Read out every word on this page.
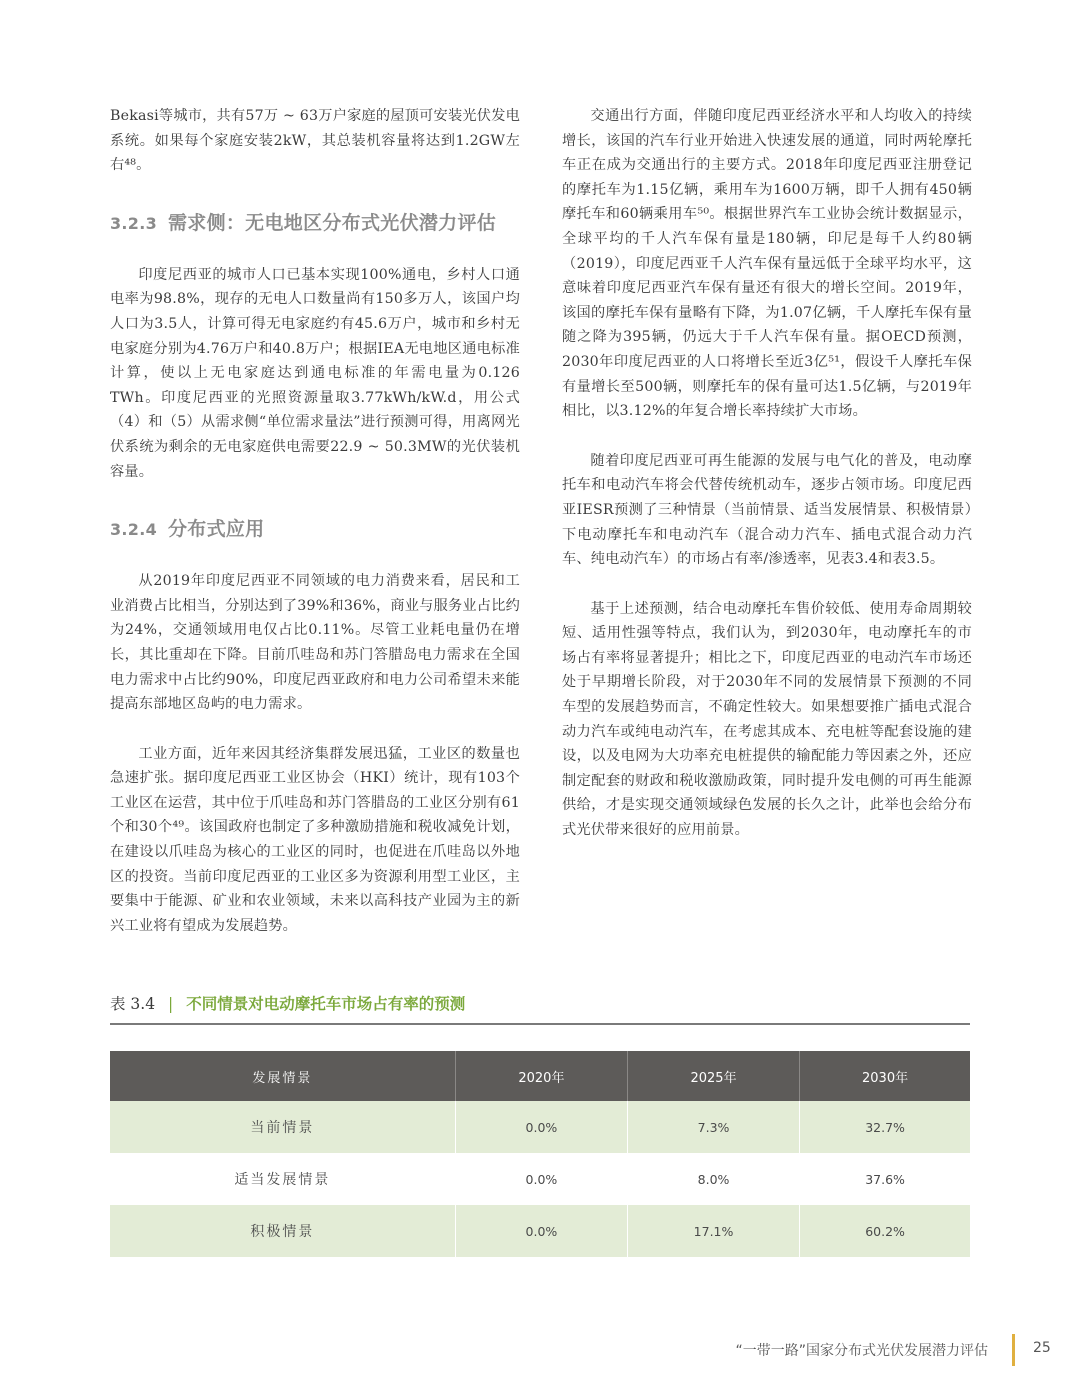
Bekasi等城市，共有57万 ~ 63万户家庭的屋顶可安装光伏发电系统。如果每个家庭安装2kW，其总装机容量将达到1.2GW左右⁴⁸。

3.2.3 需求侧：无电地区分布式光伏潜力评估

印度尼西亚的城市人口已基本实现100%通电，乡村人口通电率为98.8%，现存的无电人口数量尚有150多万人，该国户均人口为3.5人，计算可得无电家庭约有45.6万户，城市和乡村无电家庭分别为4.76万户和40.8万户；根据IEA无电地区通电标准计算，使以上无电家庭达到通电标准的年需电量为0.126 TWh。印度尼西亚的光照资源量取3.77kWh/kW.d，用公式（4）和（5）从需求侧“单位需求量法”进行预测可得，用离网光伏系统为剩余的无电家庭供电需要22.9 ~ 50.3MW的光伏装机容量。

3.2.4 分布式应用

从2019年印度尼西亚不同领域的电力消费来看，居民和工业消费占比相当，分别达到了39%和36%，商业与服务业占比约为24%，交通领域用电仅占比0.11%。尽管工业耗电量仍在增长，其比重却在下降。目前爪哇岛和苏门答腊岛电力需求在全国电力需求中占比约90%，印度尼西亚政府和电力公司希望未来能提高东部地区岛屿的电力需求。

工业方面，近年来因其经济集群发展迅猛，工业区的数量也急速扩张。据印度尼西亚工业区协会（HKI）统计，现有103个工业区在运营，其中位于爪哇岛和苏门答腊岛的工业区分别有61个和30个⁴⁹。该国政府也制定了多种激励措施和税收减免计划，在建设以爪哇岛为核心的工业区的同时，也促进在爪哇岛以外地区的投资。当前印度尼西亚的工业区多为资源利用型工业区，主要集中于能源、矿业和农业领域，未来以高科技产业园为主的新兴工业将有望成为发展趋势。

交通出行方面，伴随印度尼西亚经济水平和人均收入的持续增长，该国的汽车行业开始进入快速发展的通道，同时两轮摩托车正在成为交通出行的主要方式。2018年印度尼西亚注册登记的摩托车为1.15亿辆，乘用车为1600万辆，即千人拥有450辆摩托车和60辆乘用车⁵⁰。根据世界汽车工业协会统计数据显示，全球平均的千人汽车保有量是180辆，印尼是每千人约80辆（2019），印度尼西亚千人汽车保有量远低于全球平均水平，这意味着印度尼西亚汽车保有量还有很大的增长空间。2019年，该国的摩托车保有量略有下降，为1.07亿辆，千人摩托车保有量随之降为395辆，仍远大于千人汽车保有量。据OECD预测，2030年印度尼西亚的人口将增长至近3亿⁵¹，假设千人摩托车保有量增长至500辆，则摩托车的保有量可达1.5亿辆，与2019年相比，以3.12%的年复合增长率持续扩大市场。

随着印度尼西亚可再生能源的发展与电气化的普及，电动摩托车和电动汽车将会代替传统机动车，逐步占领市场。印度尼西亚IESR预测了三种情景（当前情景、适当发展情景、积极情景）下电动摩托车和电动汽车（混合动力汽车、插电式混合动力汽车、纯电动汽车）的市场占有率/渗透率，见表3.4和表3.5。

基于上述预测，结合电动摩托车售价较低、使用寿命周期较短、适用性强等特点，我们认为，到2030年，电动摩托车的市场占有率将显著提升；相比之下，印度尼西亚的电动汽车市场还处于早期增长阶段，对于2030年不同的发展情景下预测的不同车型的发展趋势而言，不确定性较大。如果想要推广插电式混合动力汽车或纯电动汽车，在考虑其成本、充电桩等配套设施的建设，以及电网为大功率充电桩提供的输配能力等因素之外，还应制定配套的财政和税收激励政策，同时提升发电侧的可再生能源供给，才是实现交通领域绿色发展的长久之计，此举也会给分布式光伏带来很好的应用前景。

表 3.4 | 不同情景对电动摩托车市场占有率的预测
发展情景	2020年	2025年	2030年
当前情景	0.0%	7.3%	32.7%
适当发展情景	0.0%	8.0%	37.6%
积极情景	0.0%	17.1%	60.2%
“一带一路”国家分布式光伏发展潜力评估	25
